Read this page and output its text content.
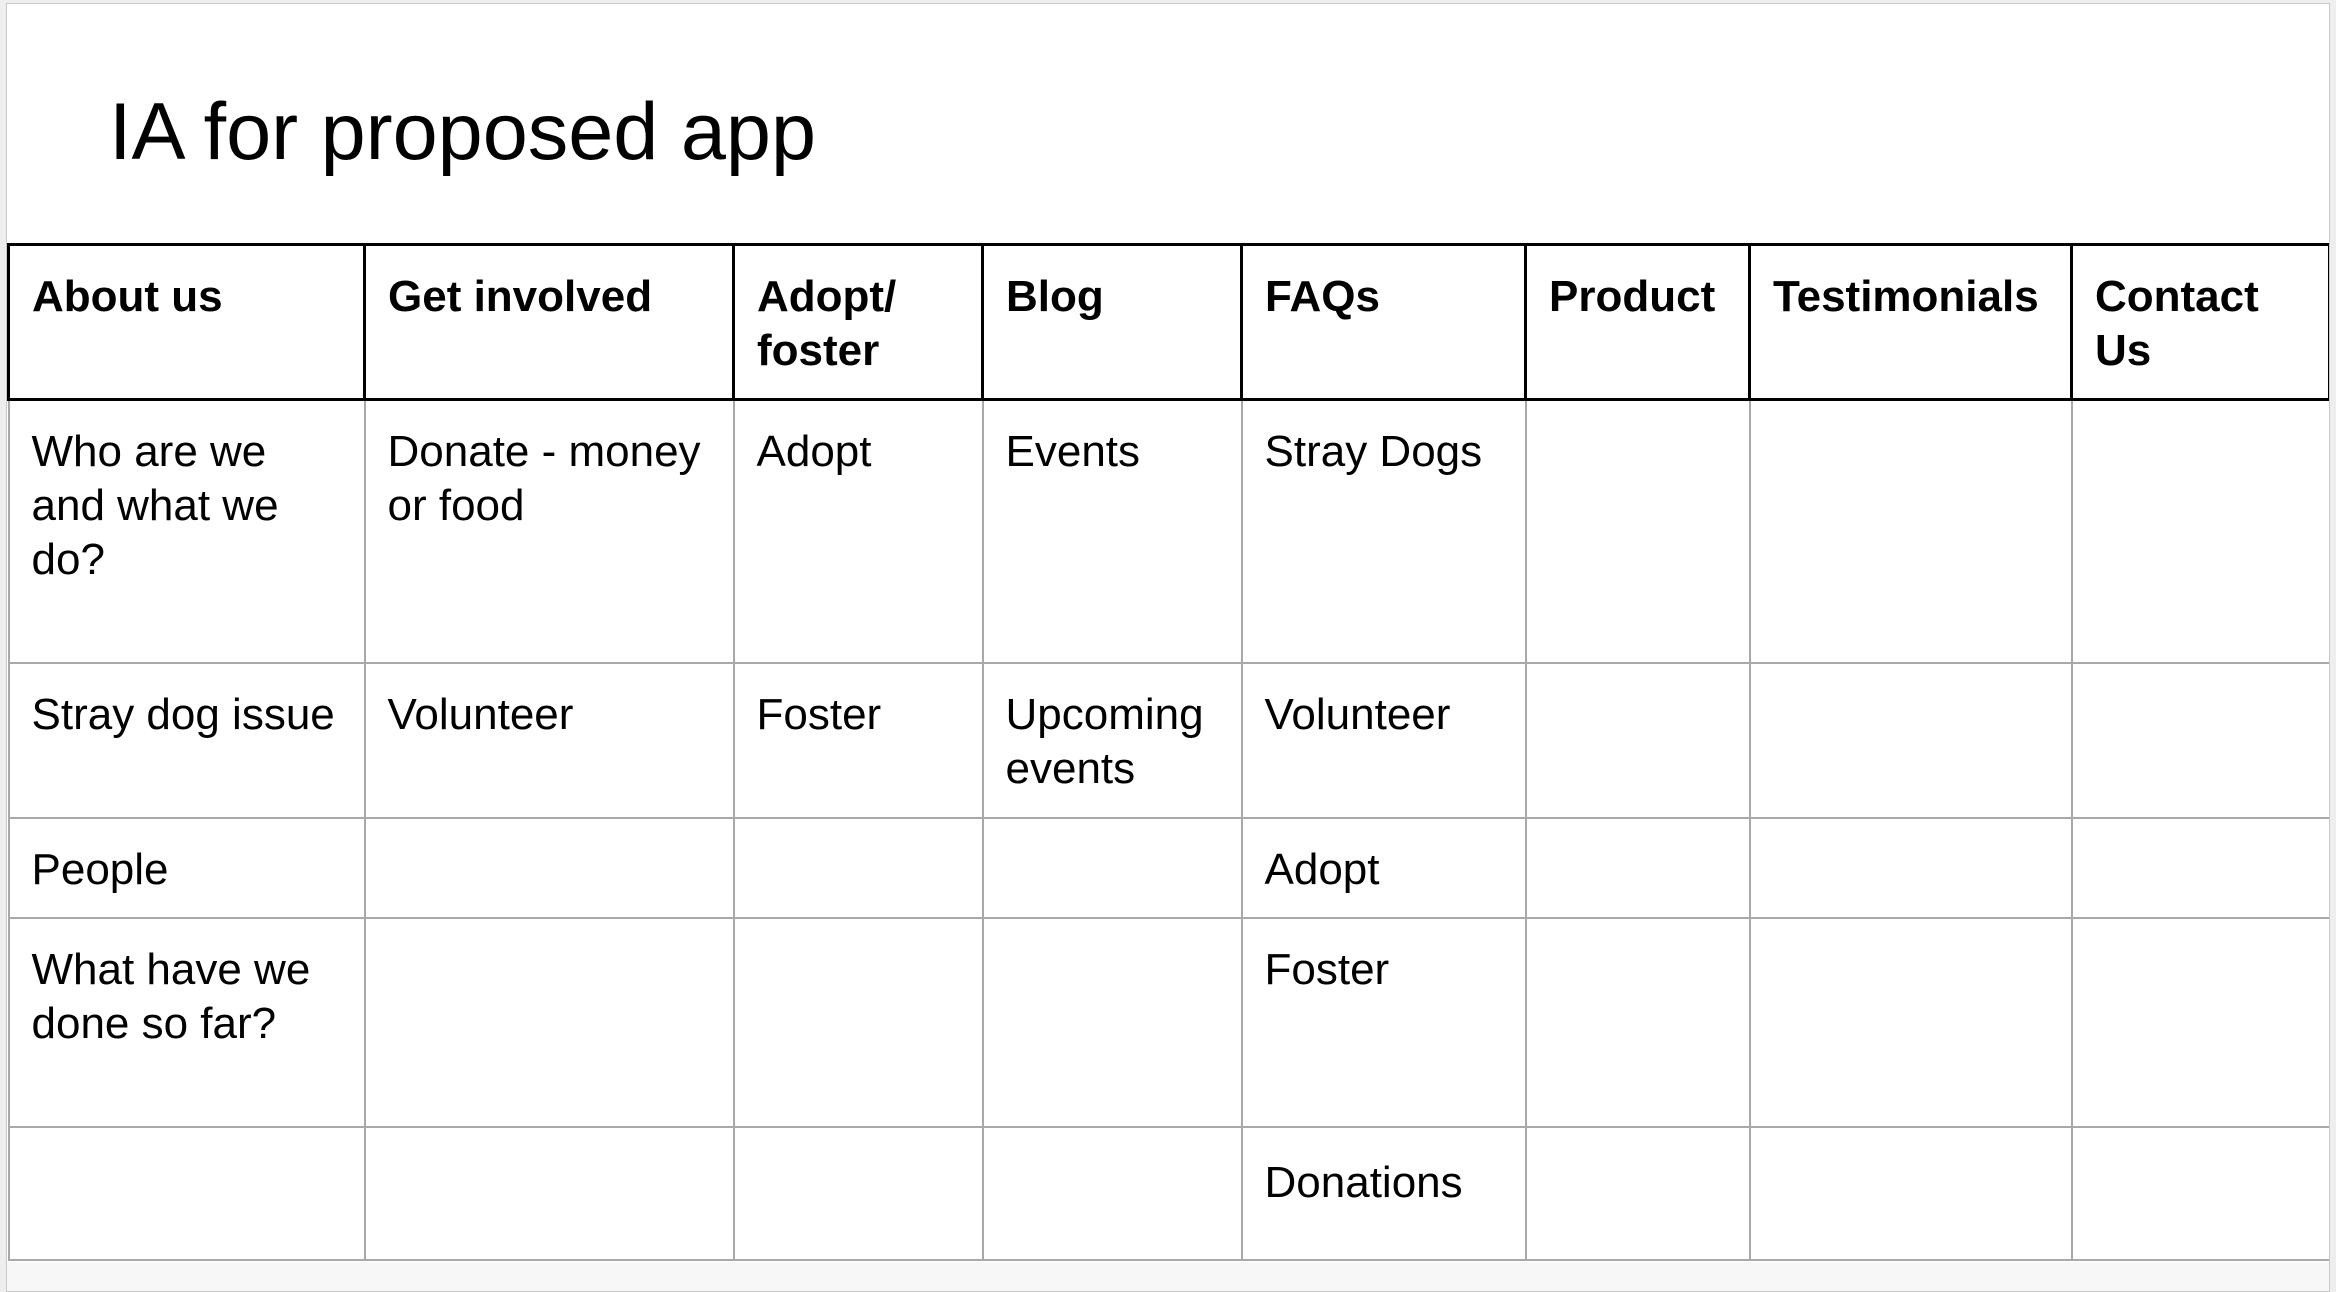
IA for proposed app
About us	Get involved	Adopt/ foster	Blog	FAQs	Product	Testimonials	Contact Us
Who are we and what we do?	Donate - money or food	Adopt	Events	Stray Dogs			
Stray dog issue	Volunteer	Foster	Upcoming events	Volunteer			
People				Adopt			
What have we done so far?				Foster			
				Donations			
